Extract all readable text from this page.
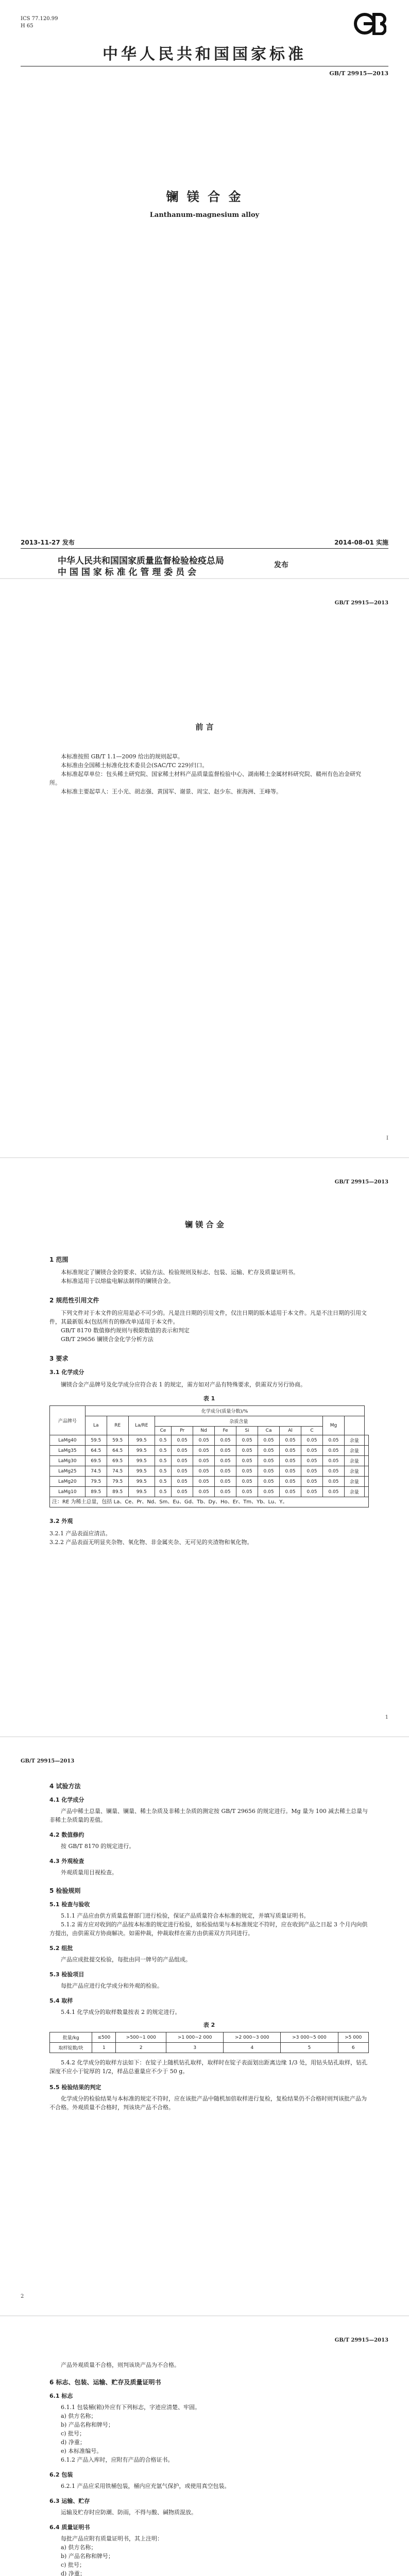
ICS 77.120.99
H 65
中华人民共和国国家标准
GB/T 29915—2013
镧 镁 合 金
Lanthanum-magnesium alloy
2013-11-27 发布	2014-08-01 实施
中华人民共和国国家质量监督检验检疫总局
中 国 国 家 标 准 化 管 理 委 员 会
发布
GB/T 29915—2013
前 言

本标准按照 GB/T 1.1—2009 给出的规则起草。

本标准由全国稀土标准化技术委员会(SAC/TC 229)归口。

本标准起草单位：包头稀土研究院、国家稀土材料产品质量监督检验中心、湖南稀土金属材料研究院、赣州有色冶金研究所。

本标准主要起草人：王小光、胡志强、黄国军、谢景、周宝、赵少东、崔海洲、王峰等。

I
GB/T 29915—2013
镧 镁 合 金

1 范围

本标准规定了镧镁合金的要求、试验方法、检验规则及标志、包装、运输、贮存及质量证明书。

本标准适用于以熔盐电解法制得的镧镁合金。

2 规范性引用文件

下列文件对于本文件的应用是必不可少的。凡是注日期的引用文件，仅注日期的版本适用于本文件。凡是不注日期的引用文件，其最新版本(包括所有的修改单)适用于本文件。

GB/T 8170 数值修约规则与极限数值的表示和判定

GB/T 29656 镧镁合金化学分析方法

3 要求

3.1 化学成分

镧镁合金产品牌号及化学成分应符合表 1 的规定，需方如对产品有特殊要求，供需双方另行协商。

表 1
产品牌号	化学成分(质量分数)/%													
	La	RE	La/RE	杂质含量								Mg		
				Ce	Pr	Nd	Fe	Si	Ca	Al	C			
LaMg40	59.5	59.5	99.5	0.5	0.05	0.05	0.05	0.05	0.05	0.05	0.05	0.05	余量	
LaMg35	64.5	64.5	99.5	0.5	0.05	0.05	0.05	0.05	0.05	0.05	0.05	0.05	余量	
LaMg30	69.5	69.5	99.5	0.5	0.05	0.05	0.05	0.05	0.05	0.05	0.05	0.05	余量	
LaMg25	74.5	74.5	99.5	0.5	0.05	0.05	0.05	0.05	0.05	0.05	0.05	0.05	余量	
LaMg20	79.5	79.5	99.5	0.5	0.05	0.05	0.05	0.05	0.05	0.05	0.05	0.05	余量	
LaMg10	89.5	89.5	99.5	0.5	0.05	0.05	0.05	0.05	0.05	0.05	0.05	0.05	余量	
注：RE 为稀土总量，包括 La、Ce、Pr、Nd、Sm、Eu、Gd、Tb、Dy、Ho、Er、Tm、Yb、Lu、Y。

3.2 外观

3.2.1 产品表面应清洁。

3.2.2 产品表面无明显夹杂物、氧化物、非金属夹杂、无可见的夹渣物和氧化物。

1
GB/T 29915—2013

4 试验方法

4.1 化学成分

产品中稀土总量、镧量、镧量、稀土杂质及非稀土杂质的测定按 GB/T 29656 的规定进行。Mg 量为 100 减去稀土总量与非稀土杂质量的差值。

4.2 数值修约

按 GB/T 8170 的规定进行。

4.3 外观检查

外观质量用目视检查。

5 检验规则

5.1 检查与验收

5.1.1 产品应由供方质量监督部门进行检验，保证产品质量符合本标准的规定，并填写质量证明书。

5.1.2 需方应对收到的产品按本标准的规定进行检验，如检验结果与本标准规定不符时，应在收到产品之日起 3 个月内向供方提出，由供需双方协商解决。如需仲裁，仲裁取样在需方由供需双方共同进行。

5.2 组批

产品应成批提交检验，每批由同一牌号的产品组成。

5.3 检验项目

每批产品应进行化学成分和外观的检验。

5.4 取样

5.4.1 化学成分的取样数量按表 2 的规定进行。

表 2
批量/kg	≤500	>500~1 000	>1 000~2 000	>2 000~3 000	>3 000~5 000	>5 000
取样锭数/块	1	2	3	4	5	6

5.4.2 化学成分的取样方法如下：在锭子上随机钻孔取样，取样时在锭子表面划出距离边缘 1/3 处，用钻头钻孔取样，钻孔深度不应小于锭厚的 1/2，样品总重量应不少于 50 g。

5.5 检验结果的判定

化学成分的检验结果与本标准的规定不符时，应在该批产品中随机加倍取样进行复检，复检结果仍不合格时则判该批产品为不合格。外观质量不合格时，判该块产品不合格。

2
GB/T 29915—2013

产品外观质量不合格，则判该块产品为不合格。

6 标志、包装、运输、贮存及质量证明书

6.1 标志

6.1.1 包装桶(箱)外应有下列标志，字迹应清楚、牢固。

a) 供方名称；

b) 产品名称和牌号；

c) 批号；

d) 净重；

e) 本标准编号。

6.1.2 产品入库时，应附有产品的合格证书。

6.2 包装

6.2.1 产品应采用铁桶包装，桶内应充氩气保护，或使用真空包装。

6.3 运输、贮存

运输及贮存时应防潮、防雨，不得与酸、碱物质混放。

6.4 质量证明书

每批产品应附有质量证明书，其上注明：

a) 供方名称；

b) 产品名称和牌号；

c) 批号；

d) 净重；
